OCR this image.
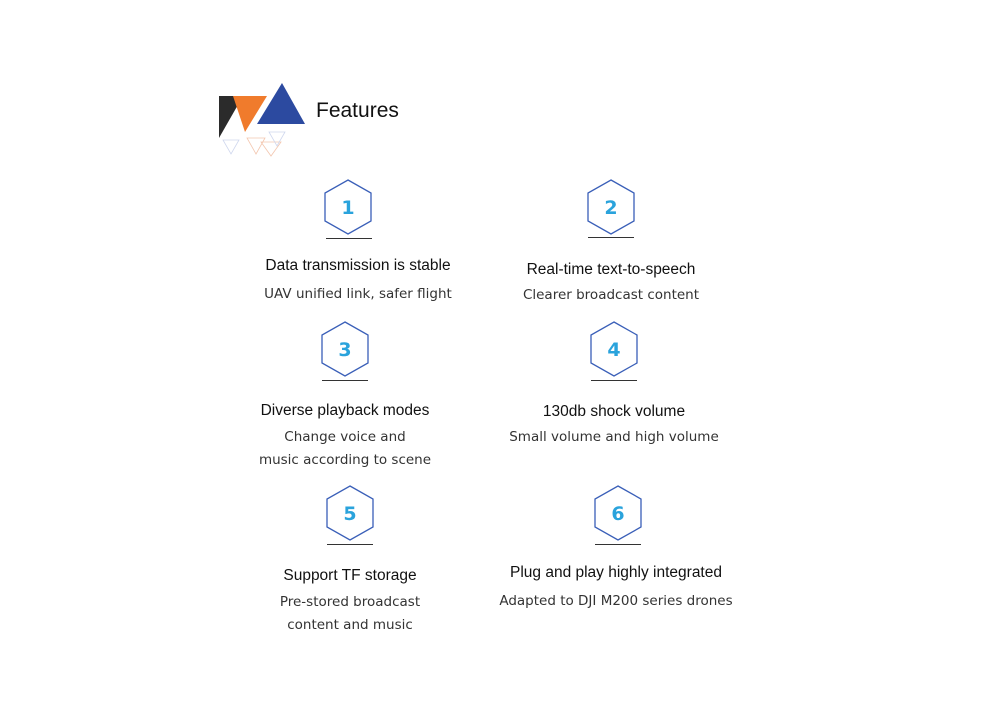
Features
1
Data transmission is stable
UAV unified link, safer flight
2
Real-time text-to-speech
Clearer broadcast content
3
Diverse playback modes
Change voice and
music according to scene
4
130db shock volume
Small volume and high volume
5
Support TF storage
Pre-stored broadcast
content and music
6
Plug and play highly integrated
Adapted to DJI M200 series drones
